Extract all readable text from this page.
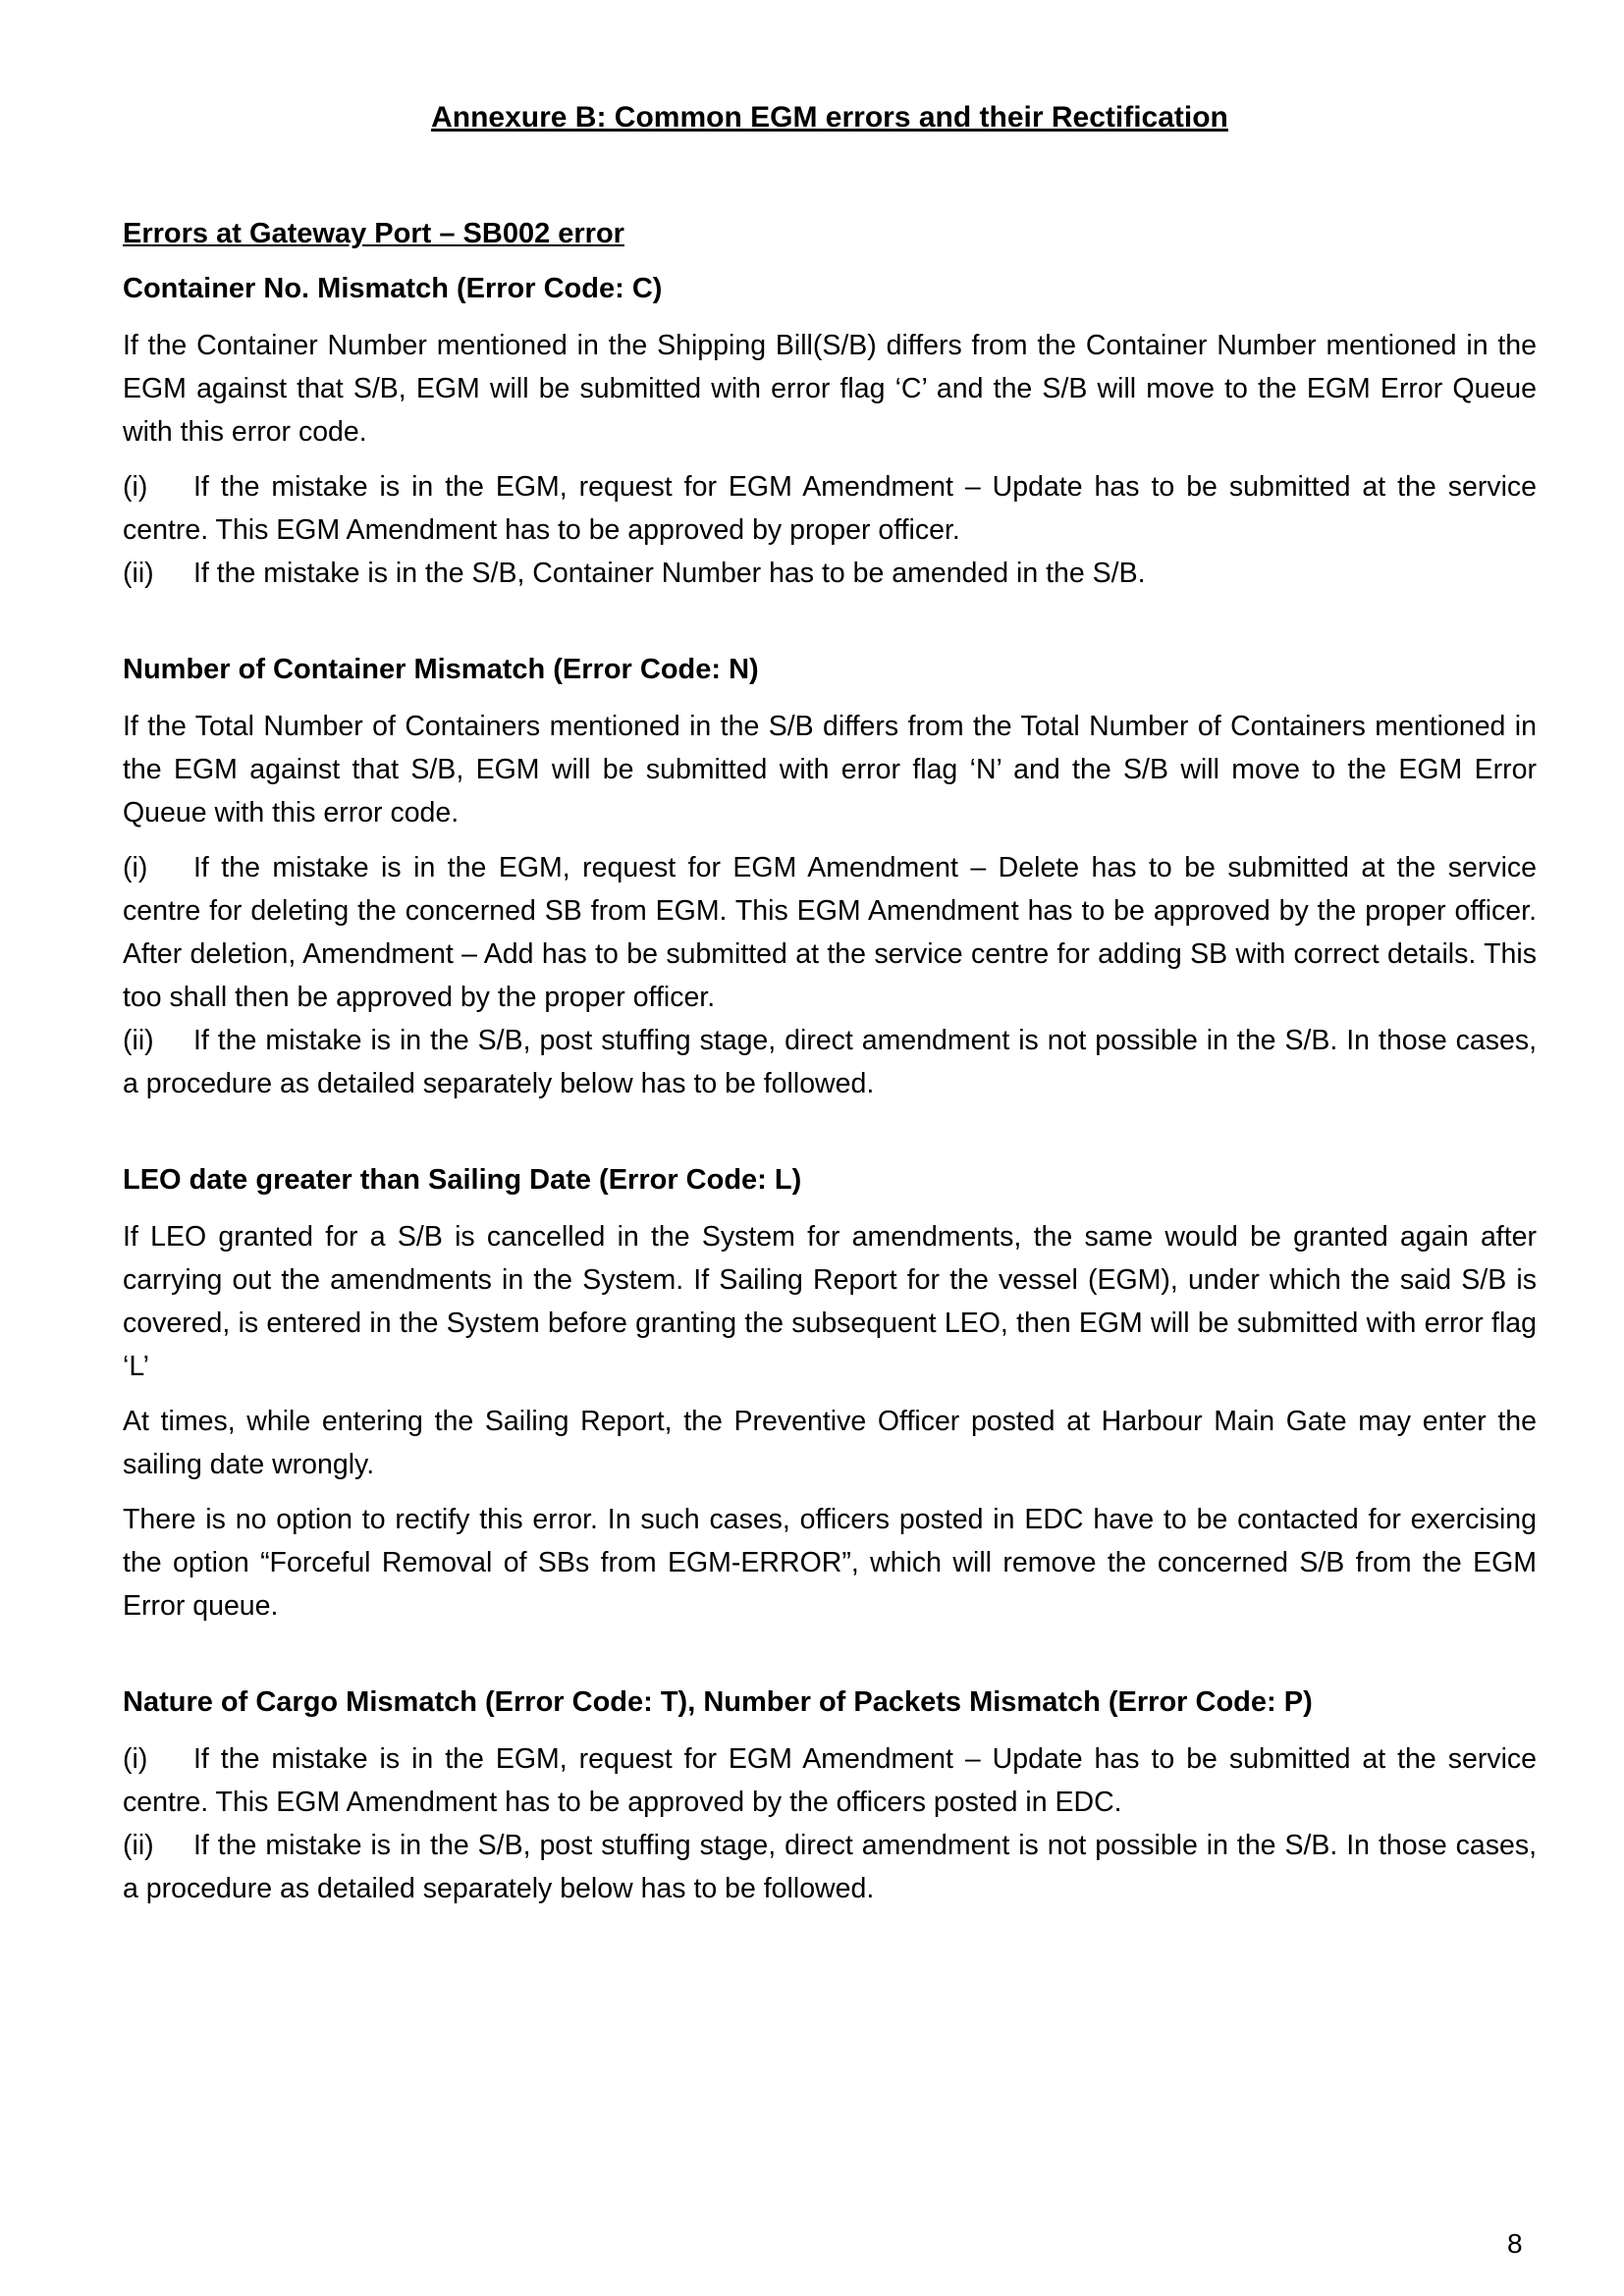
Annexure B: Common EGM errors and their Rectification

Errors at Gateway Port – SB002 error

Container No. Mismatch (Error Code: C)

If the Container Number mentioned in the Shipping Bill(S/B) differs from the Container Number mentioned in the EGM against that S/B, EGM will be submitted with error flag ‘C’ and the S/B will move to the EGM Error Queue with this error code.

(i) If the mistake is in the EGM, request for EGM Amendment – Update has to be submitted at the service centre. This EGM Amendment has to be approved by proper officer.

(ii) If the mistake is in the S/B, Container Number has to be amended in the S/B.

Number of Container Mismatch (Error Code: N)

If the Total Number of Containers mentioned in the S/B differs from the Total Number of Containers mentioned in the EGM against that S/B, EGM will be submitted with error flag ‘N’ and the S/B will move to the EGM Error Queue with this error code.

(i) If the mistake is in the EGM, request for EGM Amendment – Delete has to be submitted at the service centre for deleting the concerned SB from EGM. This EGM Amendment has to be approved by the proper officer. After deletion, Amendment – Add has to be submitted at the service centre for adding SB with correct details. This too shall then be approved by the proper officer.

(ii) If the mistake is in the S/B, post stuffing stage, direct amendment is not possible in the S/B. In those cases, a procedure as detailed separately below has to be followed.

LEO date greater than Sailing Date (Error Code: L)

If LEO granted for a S/B is cancelled in the System for amendments, the same would be granted again after carrying out the amendments in the System. If Sailing Report for the vessel (EGM), under which the said S/B is covered, is entered in the System before granting the subsequent LEO, then EGM will be submitted with error flag ‘L’

At times, while entering the Sailing Report, the Preventive Officer posted at Harbour Main Gate may enter the sailing date wrongly.

There is no option to rectify this error. In such cases, officers posted in EDC have to be contacted for exercising the option “Forceful Removal of SBs from EGM-ERROR”, which will remove the concerned S/B from the EGM Error queue.

Nature of Cargo Mismatch (Error Code: T), Number of Packets Mismatch (Error Code: P)

(i) If the mistake is in the EGM, request for EGM Amendment – Update has to be submitted at the service centre. This EGM Amendment has to be approved by the officers posted in EDC.

(ii) If the mistake is in the S/B, post stuffing stage, direct amendment is not possible in the S/B. In those cases, a procedure as detailed separately below has to be followed.

8
